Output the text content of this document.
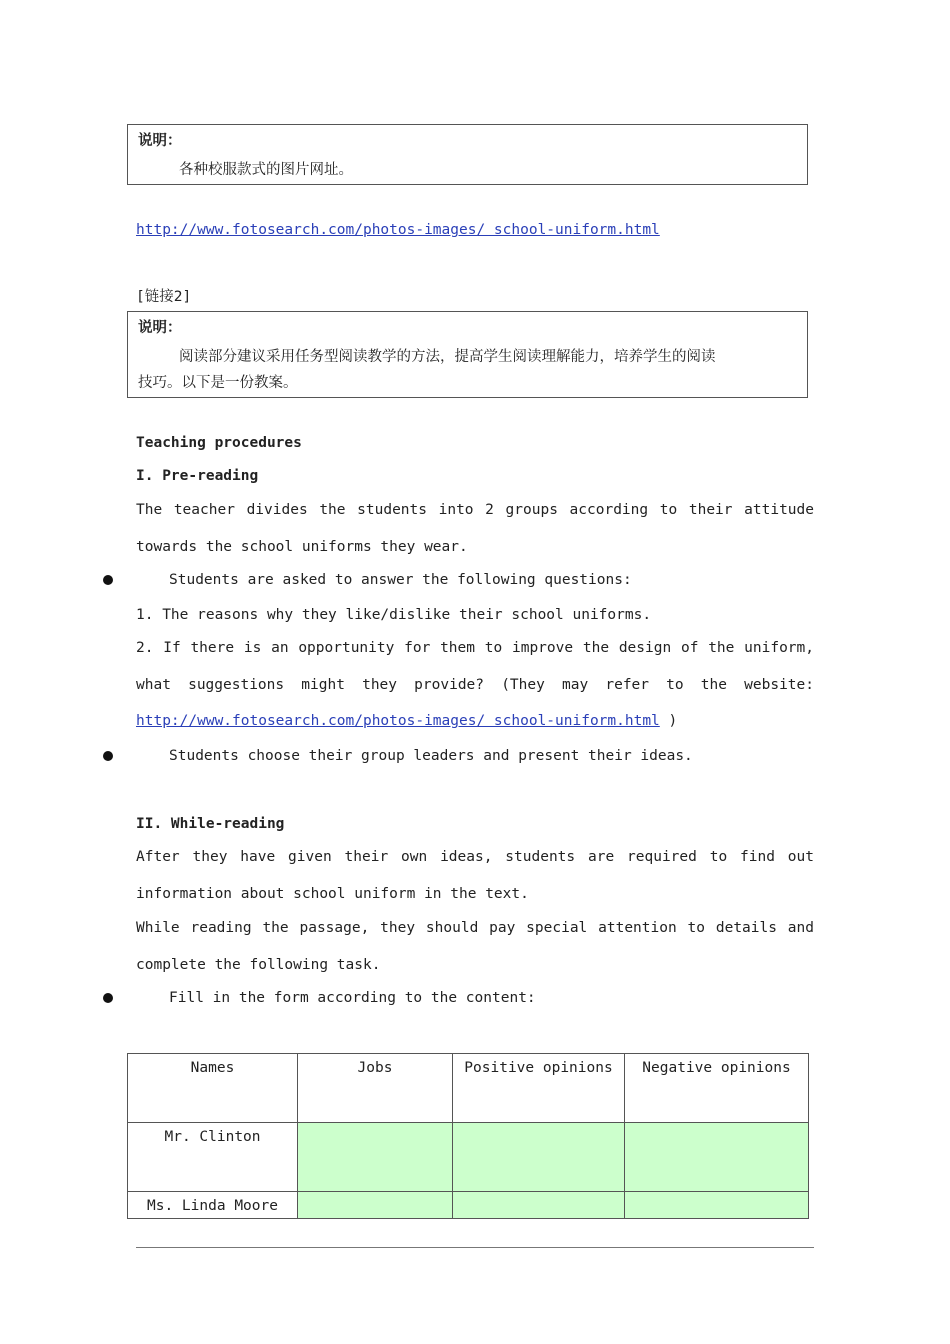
说明：
各种校服款式的图片网址。
http://www.fotosearch.com/photos-images/ school-uniform.html
[链接2]
说明：
阅读部分建议采用任务型阅读教学的方法，提高学生阅读理解能力，培养学生的阅读
技巧。以下是一份教案。
Teaching procedures
I. Pre-reading
The teacher divides the students into 2 groups according to their attitude
towards the school uniforms they wear.
Students are asked to answer the following questions:
1. The reasons why they like/dislike their school uniforms.
2. If there is an opportunity for them to improve the design of the uniform,
what suggestions might they provide? (They may refer to the website:
http://www.fotosearch.com/photos-images/ school-uniform.html )
Students choose their group leaders and present their ideas.
II. While-reading
After they have given their own ideas, students are required to find out
information about school uniform in the text.
While reading the passage, they should pay special attention to details and
complete the following task.
Fill in the form according to the content:
Names	Jobs	Positive opinions	Negative opinions
Mr. Clinton			
Ms. Linda Moore			
